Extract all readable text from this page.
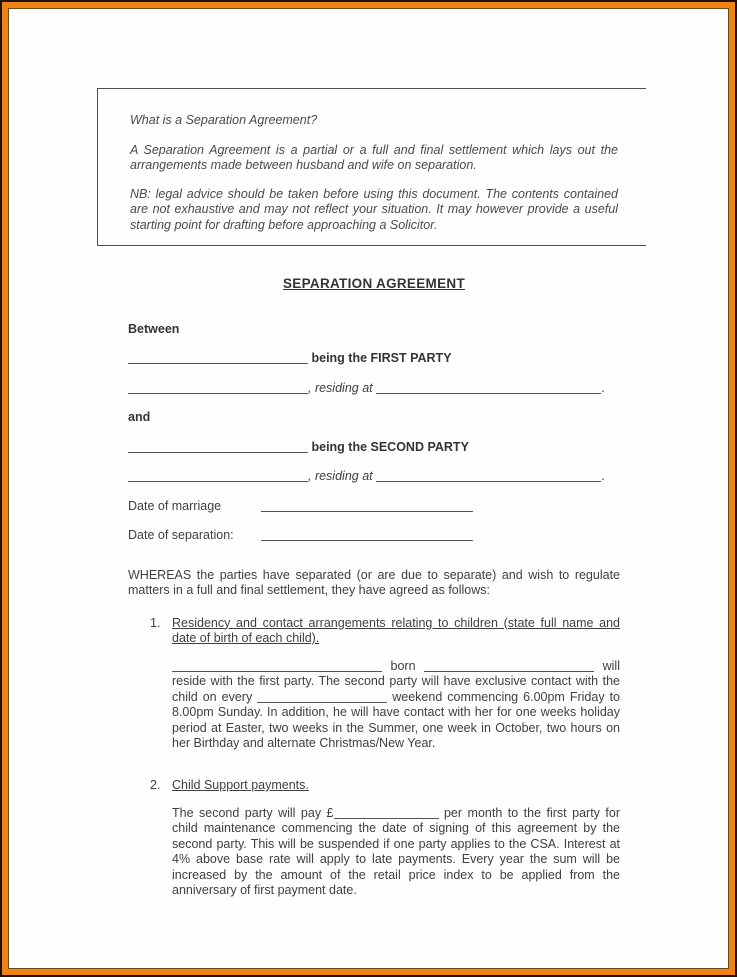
What is a Separation Agreement?

A Separation Agreement is a partial or a full and final settlement which lays out the arrangements made between husband and wife on separation.

NB: legal advice should be taken before using this document. The contents contained are not exhaustive and may not reflect your situation. It may however provide a useful starting point for drafting before approaching a Solicitor.

SEPARATION AGREEMENT
Between
being the FIRST PARTY
, residing at	.
and
being the SECOND PARTY
, residing at	.
Date of marriage
Date of separation:

WHEREAS the parties have separated (or are due to separate) and wish to regulate matters in a full and final settlement, they have agreed as follows:

1. Residency and contact arrangements relating to children (state full name and date of birth of each child).

born	will reside with the first party. The second party will have exclusive contact with the child on every	weekend commencing 6.00pm Friday to 8.00pm Sunday. In addition, he will have contact with her for one weeks holiday period at Easter, two weeks in the Summer, one week in October, two hours on her Birthday and alternate Christmas/New Year.

2. Child Support payments.

The second party will pay £	per month to the first party for child maintenance commencing the date of signing of this agreement by the second party. This will be suspended if one party applies to the CSA. Interest at 4% above base rate will apply to late payments. Every year the sum will be increased by the amount of the retail price index to be applied from the anniversary of first payment date.
